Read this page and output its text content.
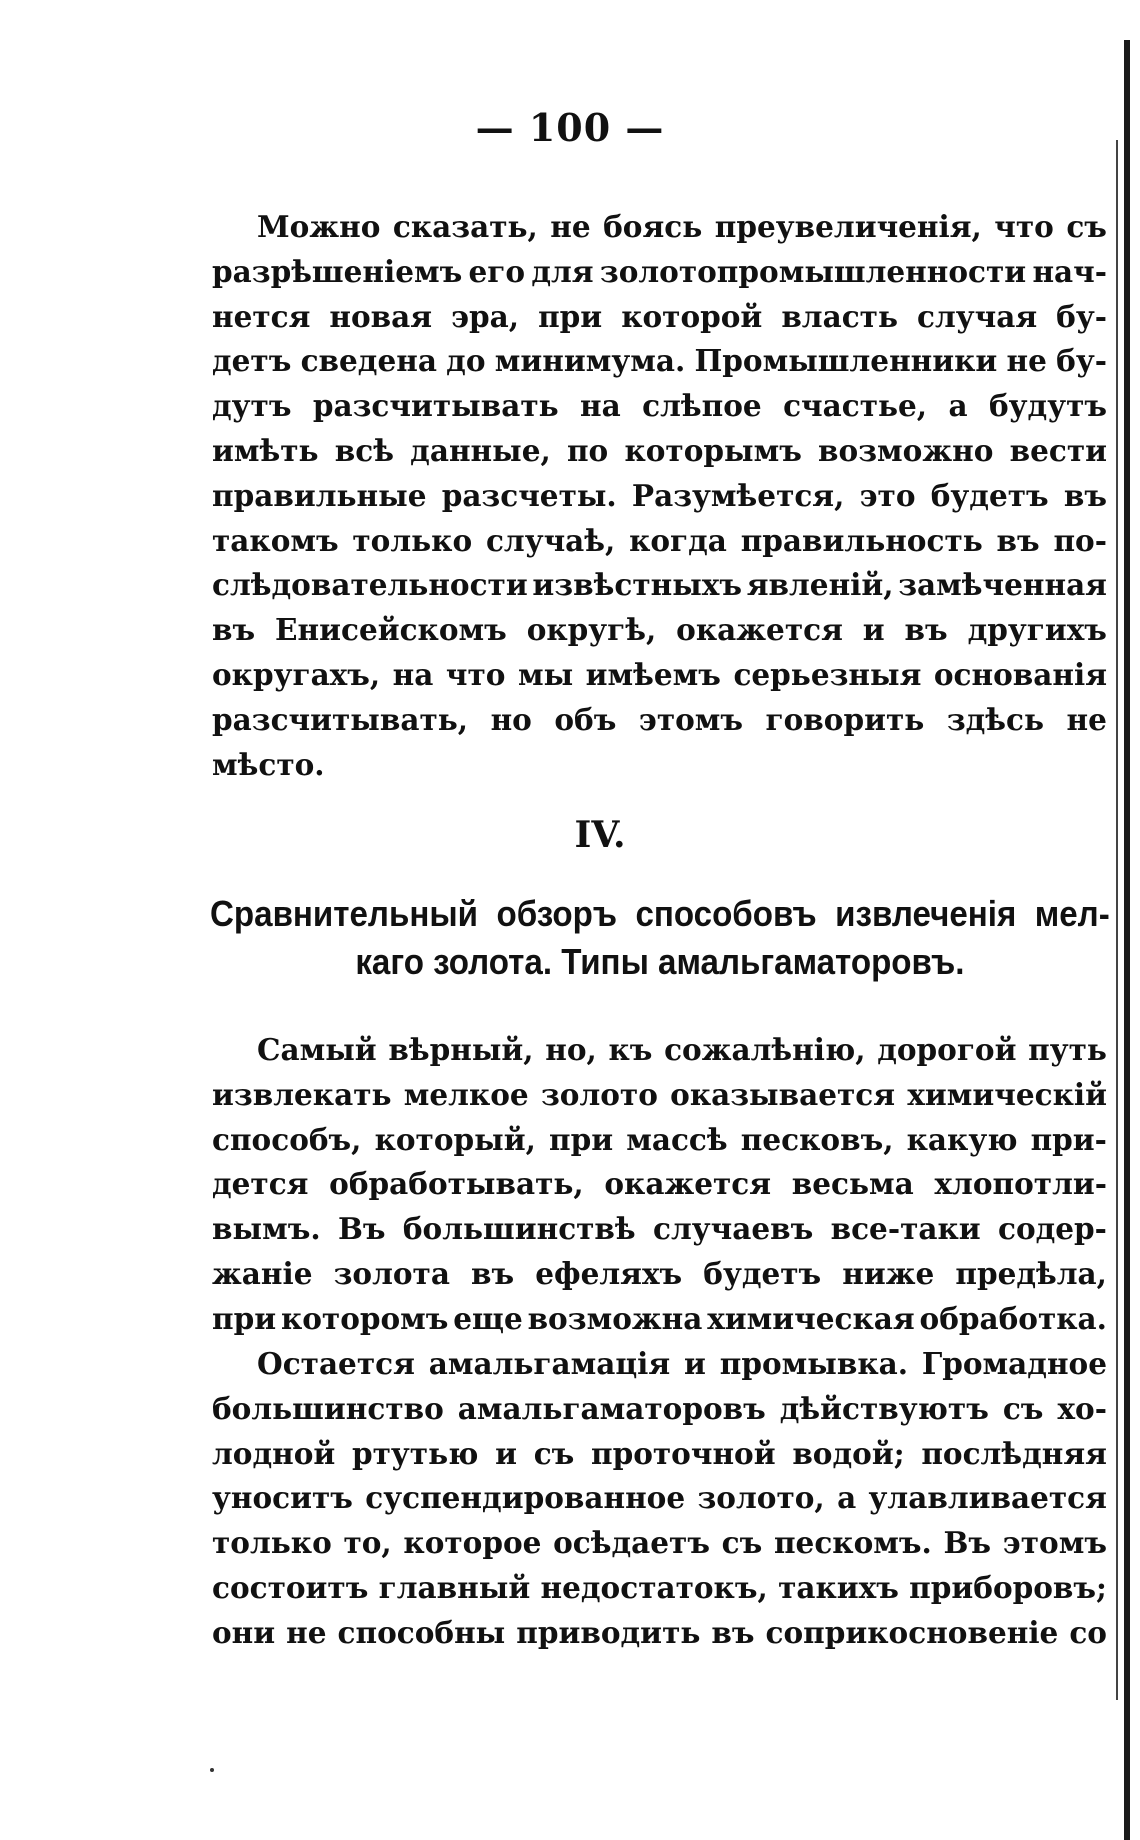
— 100 —
Можно сказать, не боясь преувеличенія, что съ
разрѣшеніемъ его для золотопромышленности нач-
нется новая эра, при которой власть случая бу-
детъ сведена до минимума. Промышленники не бу-
дутъ разсчитывать на слѣпое счастье, а будутъ
имѣть всѣ данные, по которымъ возможно вести
правильные разсчеты. Разумѣется, это будетъ въ
такомъ только случаѣ, когда правильность въ по-
слѣдовательности извѣстныхъ явленій, замѣченная
въ Енисейскомъ округѣ, окажется и въ другихъ
округахъ, на что мы имѣемъ серьезныя основанія
разсчитывать, но объ этомъ говорить здѣсь не
мѣсто.
IV.
Сравнительный обзоръ способовъ извлеченія мел-
каго золота. Типы амальгаматоровъ.
Самый вѣрный, но, къ сожалѣнію, дорогой путь
извлекать мелкое золото оказывается химическій
способъ, который, при массѣ песковъ, какую при-
дется обработывать, окажется весьма хлопотли-
вымъ. Въ большинствѣ случаевъ все-таки содер-
жаніе золота въ ефеляхъ будетъ ниже предѣла,
при которомъ еще возможна химическая обработка.
Остается амальгамація и промывка. Громадное
большинство амальгаматоровъ дѣйствуютъ съ хо-
лодной ртутью и съ проточной водой; послѣдняя
уноситъ суспендированное золото, а улавливается
только то, которое осѣдаетъ съ пескомъ. Въ этомъ
состоитъ главный недостатокъ, такихъ приборовъ;
они не способны приводить въ соприкосновеніе со
